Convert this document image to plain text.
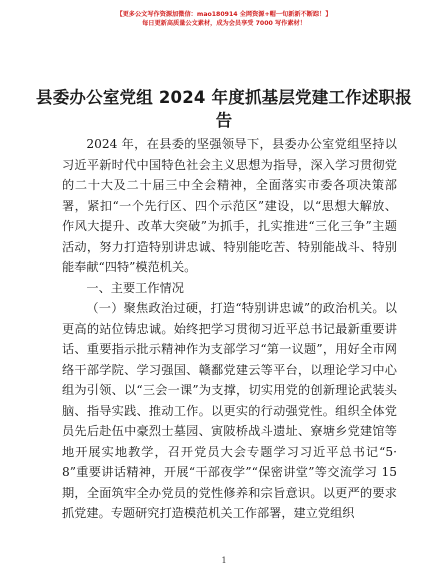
【更多公文写作资源加微信：mao180914 全网资源+帽一旬新新不断踪！】
每日更新高质量公文素材，成为会员享受 7000 写作素材！
县委办公室党组 2024 年度抓基层党建工作述职报告

2024 年，在县委的坚强领导下，县委办公室党组坚持以习近平新时代中国特色社会主义思想为指导，深入学习贯彻党的二十大及二十届三中全会精神，全面落实市委各项决策部署，紧扣“一个先行区、四个示范区”建设，以“思想大解放、作风大提升、改革大突破”为抓手，扎实推进“三化三争”主题活动，努力打造特别讲忠诚、特别能吃苦、特别能战斗、特别能奉献“四特”模范机关。

一、主要工作情况

（一）聚焦政治过硬，打造“特别讲忠诚”的政治机关。以更高的站位铸忠诚。始终把学习贯彻习近平总书记最新重要讲话、重要指示批示精神作为支部学习“第一议题”，用好全市网络干部学院、学习强国、赣鄱党建云等平台，以理论学习中心组为引领、以“三会一课”为支撑，切实用党的创新理论武装头脑、指导实践、推动工作。以更实的行动强党性。组织全体党员先后赴伍中豪烈士墓园、寅陂桥战斗遗址、寮塘乡党建馆等地开展实地教学，召开党员大会专题学习习近平总书记“5·8”重要讲话精神，开展“干部夜学”“保密讲堂”等交流学习 15 期，全面筑牢全办党员的党性修养和宗旨意识。以更严的要求抓党建。专题研究打造模范机关工作部署，建立党组织

1
